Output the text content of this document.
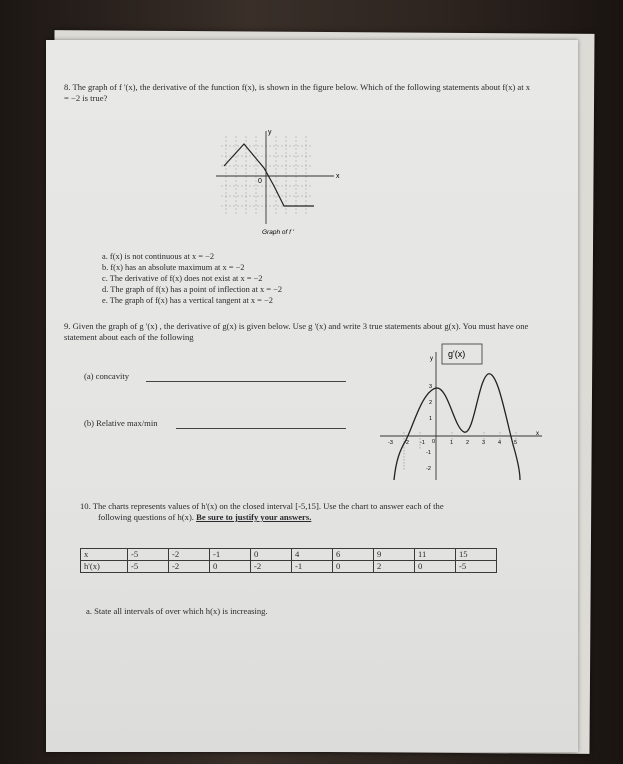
8. The graph of f '(x), the derivative of the function f(x), is shown in the figure below. Which of the following statements about f(x) at x = −2 is true?
x
y
0
Graph of f '
a. f(x) is not continuous at x = −2
b. f(x) has an absolute maximum at x = −2
c. The derivative of f(x) does not exist at x = −2
d. The graph of f(x) has a point of inflection at x = −2
e. The graph of f(x) has a vertical tangent at x = −2
9. Given the graph of g '(x) , the derivative of g(x) is given below. Use g '(x) and write 3 true statements about g(x). You must have one statement about each of the following
(a) concavity
(b) Relative max/min
y
x
g'(x)
-3 -2 -1 0	1 2 3 4 5
3
2
1
-1
-2
10. The charts represents values of h'(x) on the closed interval [-5,15]. Use the chart to answer each of the
following questions of h(x). Be sure to justify your answers.
x	-5	-2	-1	0	4	6	9	11	15
h'(x)	-5	-2	0	-2	-1	0	2	0	-5
a. State all intervals of over which h(x) is increasing.
